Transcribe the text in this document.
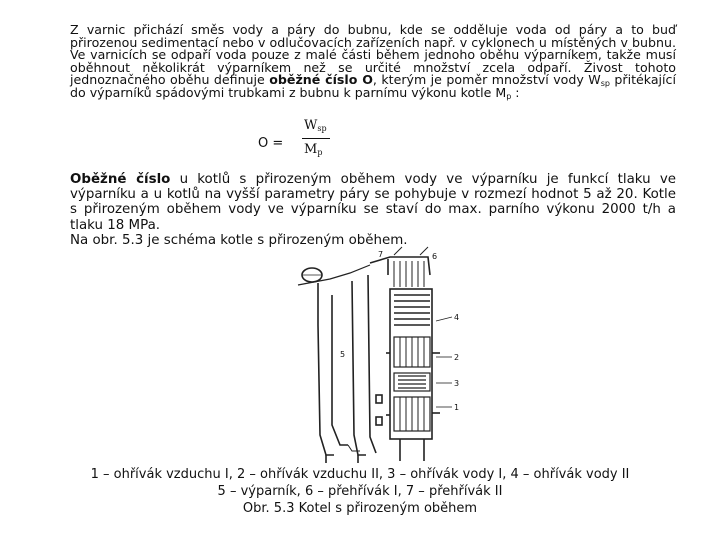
Z varnic přichází směs vody a páry do bubnu, kde se odděluje voda od páry a to buď přirozenou sedimentací nebo v odlučovacích zařízeních např. v cyklonech u místěných v bubnu. Ve varnicích se odpaří voda pouze z malé části během jednoho oběhu výparníkem, takže musí oběhnout několikrát výparníkem než se určité množství zcela odpaří. Živost tohoto jednoznačného oběhu definuje oběžné číslo O, kterým je poměr množství vody $W_{sp}$ přitékající do výparníků spádovými trubkami z bubnu k parnímu výkonu kotle $M_p$ :
O =
$W_{sp}$
$M_p$
Oběžné číslo u kotlů s přirozeným oběhem vody ve výparníku je funkcí tlaku ve výparníku a u kotlů na vyšší parametry páry se pohybuje v rozmezí hodnot 5 až 20. Kotle s přirozeným oběhem vody ve výparníku se staví do max. parního výkonu 2000 t/h a tlaku 18 MPa.
Na obr. 5.3 je schéma kotle s přirozeným oběhem.
4
2
3
1
5
6
7
1 – ohřívák vzduchu I, 2 – ohřívák vzduchu II, 3 – ohřívák vody I, 4 – ohřívák vody II
5 – výparník, 6 – přehřívák I, 7 – přehřívák II
Obr. 5.3 Kotel s přirozeným oběhem
